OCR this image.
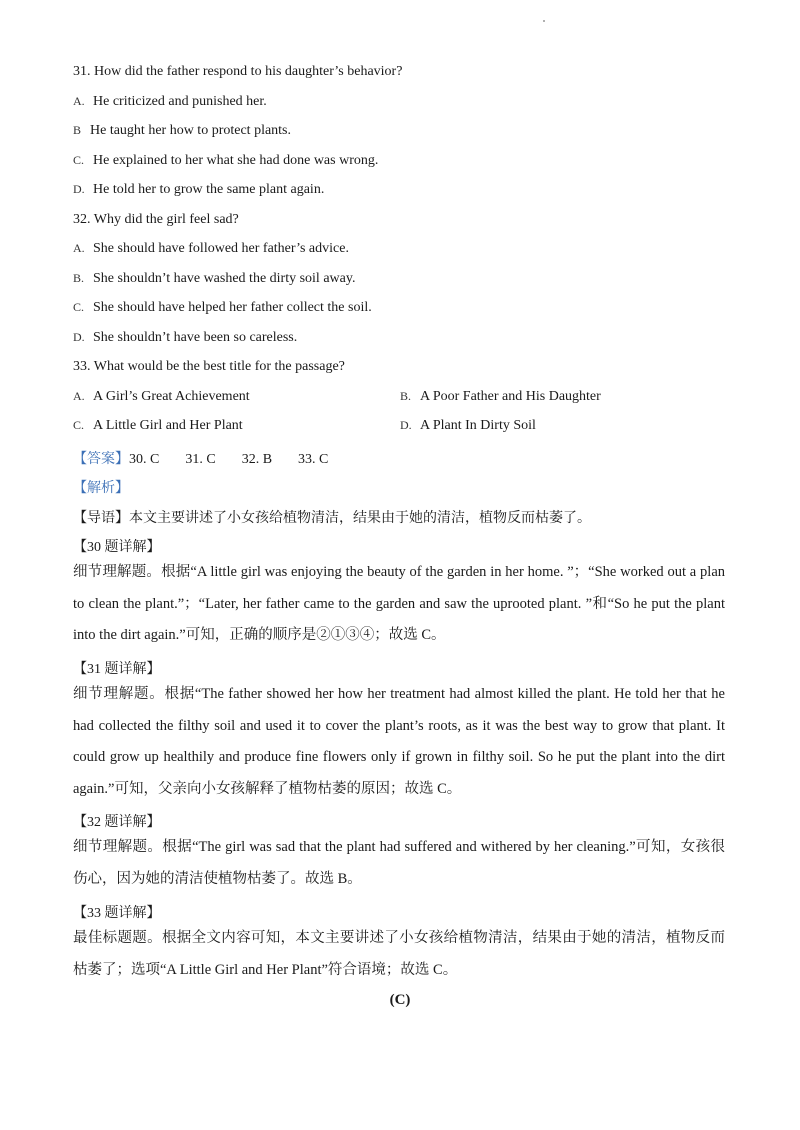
31. How did the father respond to his daughter’s behavior?
A. He criticized and punished her.
B He taught her how to protect plants.
C. He explained to her what she had done was wrong.
D. He told her to grow the same plant again.
32. Why did the girl feel sad?
A. She should have followed her father’s advice.
B. She shouldn’t have washed the dirty soil away.
C. She should have helped her father collect the soil.
D. She shouldn’t have been so careless.
33. What would be the best title for the passage?
A. A Girl’s Great Achievement	B. A Poor Father and His Daughter
C. A Little Girl and Her Plant	D. A Plant In Dirty Soil
【答案】30. C 31. C 32. B 33. C
【解析】
【导语】本文主要讲述了小女孩给植物清洁，结果由于她的清洁，植物反而枯萎了。
【30 题详解】
细节理解题。根据“A little girl was enjoying the beauty of the garden in her home. ”；“She worked out a plan to clean the plant.”；“Later, her father came to the garden and saw the uprooted plant. ”和“So he put the plant into the dirt again.”可知，正确的顺序是②①③④；故选 C。
【31 题详解】
细节理解题。根据“The father showed her how her treatment had almost killed the plant. He told her that he had collected the filthy soil and used it to cover the plant’s roots, as it was the best way to grow that plant. It could grow up healthily and produce fine flowers only if grown in filthy soil. So he put the plant into the dirt again.”可知，父亲向小女孩解释了植物枯萎的原因；故选 C。
【32 题详解】
细节理解题。根据“The girl was sad that the plant had suffered and withered by her cleaning.”可知，女孩很伤心，因为她的清洁使植物枯萎了。故选 B。
【33 题详解】
最佳标题题。根据全文内容可知，本文主要讲述了小女孩给植物清洁，结果由于她的清洁，植物反而枯萎了；选项“A Little Girl and Her Plant”符合语境；故选 C。
(C)
